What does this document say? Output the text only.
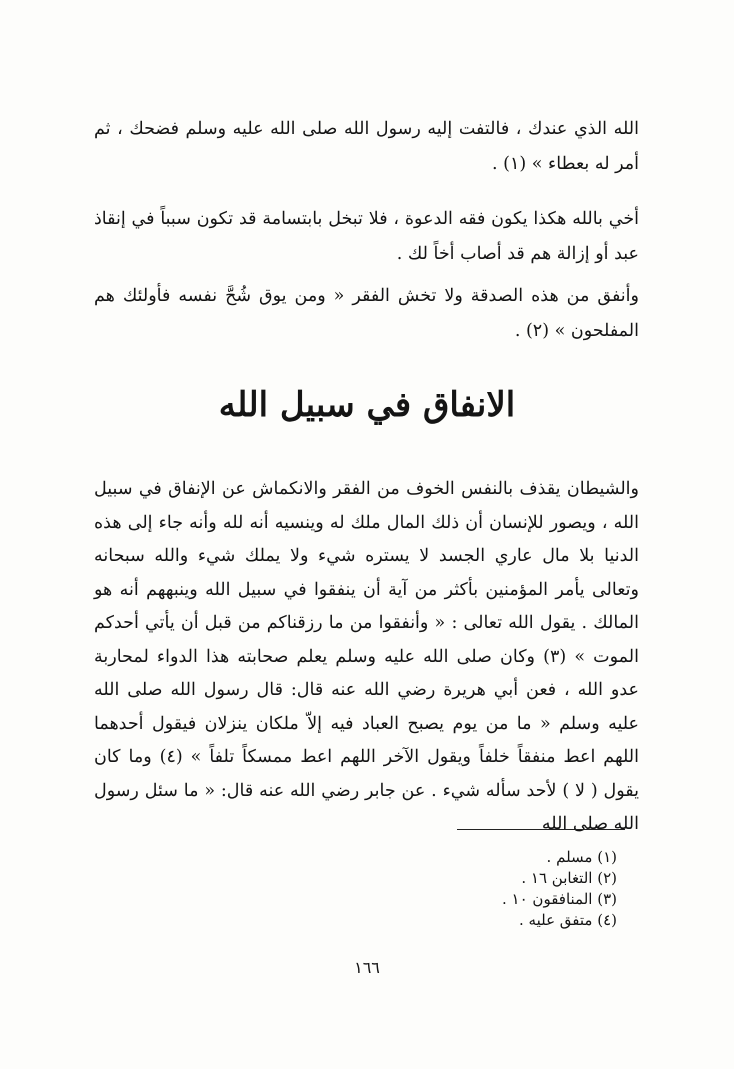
الله الذي عندك ، فالتفت إليه رسول الله صلى الله عليه وسلم فضحك ، ثم أمر له بعطاء » (١) .

أخي بالله هكذا يكون فقه الدعوة ، فلا تبخل بابتسامة قد تكون سبباً في إنقاذ عبد أو إزالة هم قد أصاب أخاً لك .

وأنفق من هذه الصدقة ولا تخش الفقر « ومن يوق شُحَّ نفسه فأولئك هم المفلحون » (٢) .

الانفاق في سبيل الله

والشيطان يقذف بالنفس الخوف من الفقر والانكماش عن الإنفاق في سبيل الله ، ويصور للإنسان أن ذلك المال ملك له وينسيه أنه لله وأنه جاء إلى هذه الدنيا بلا مال عاري الجسد لا يستره شيء ولا يملك شيء والله سبحانه وتعالى يأمر المؤمنين بأكثر من آية أن ينفقوا في سبيل الله وينبههم أنه هو المالك . يقول الله تعالى : « وأنفقوا من ما رزقناكم من قبل أن يأتي أحدكم الموت » (٣) وكان صلى الله عليه وسلم يعلم صحابته هذا الدواء لمحاربة عدو الله ، فعن أبي هريرة رضي الله عنه قال: قال رسول الله صلى الله عليه وسلم « ما من يوم يصبح العباد فيه إلاّ ملكان ينزلان فيقول أحدهما اللهم اعط منفقاً خلفاً ويقول الآخر اللهم اعط ممسكاً تلفاً » (٤) وما كان يقول ( لا ) لأحد سأله شيء . عن جابر رضي الله عنه قال: « ما سئل رسول الله صلى الله

(١) مسلم .
(٢) التغابن ١٦ .
(٣) المنافقون ١٠ .
(٤) متفق عليه .
١٦٦
